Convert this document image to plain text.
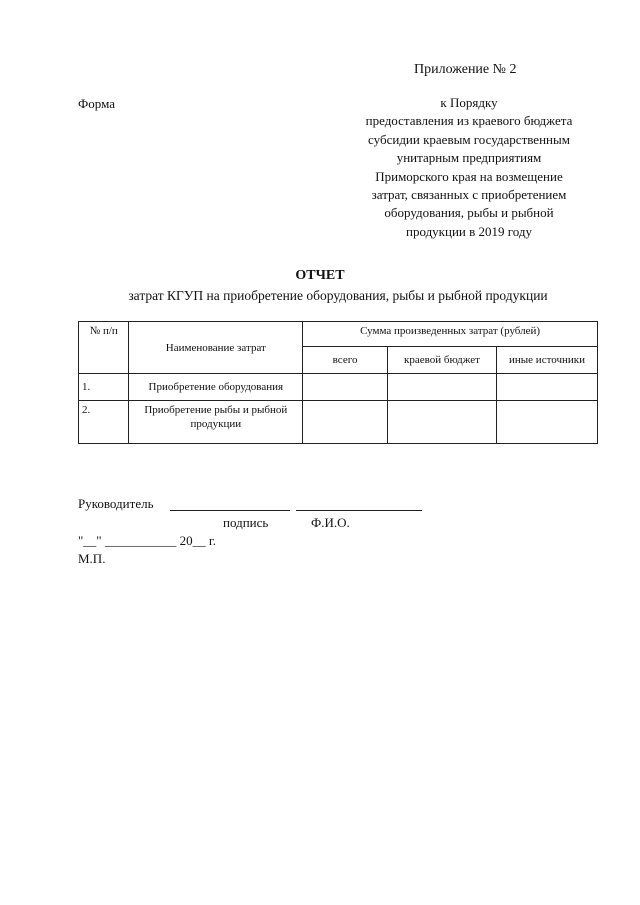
Приложение № 2
Форма	к Порядку
предоставления из краевого бюджета
субсидии краевым государственным
унитарным предприятиям
Приморского края на возмещение
затрат, связанных с приобретением
оборудования, рыбы и рыбной
продукции в 2019 году
ОТЧЕТ
затрат КГУП на приобретение оборудования, рыбы и рыбной продукции
№ п/п	Наименование затрат	Сумма произведенных затрат (рублей)		
		всего	краевой бюджет	иные источники
1.	Приобретение оборудования			
2.	Приобретение рыбы и рыбной продукции			
Руководитель
подпись	Ф.И.О.
"__" ___________ 20__ г.
М.П.
